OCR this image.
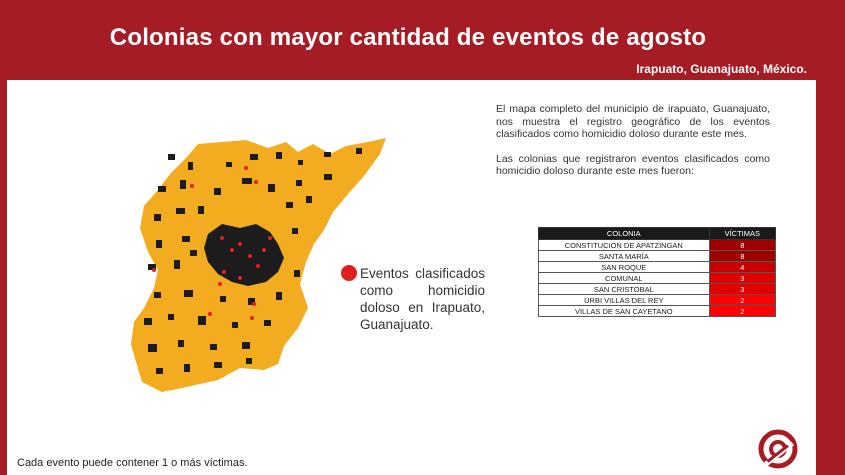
Colonias con mayor cantidad de eventos de agosto
Irapuato, Guanajuato, México.

El mapa completo del municipio de irapuato, Guanajuato, nos muestra el registro geográfico de los eventos clasificados como homicidio doloso durante este mes.

Las colonias que registraron eventos clasificados como homicidio doloso durante este mes fueron:

Eventos clasificados como homicidio doloso en Irapuato, Guanajuato.
COLONIA	VÍCTIMAS
CONSTITUCION DE APATZINGAN	8
SANTA MARÍA	8
SAN ROQUE	4
COMUNAL	3
SAN CRISTOBAL	3
URBI VILLAS DEL REY	2
VILLAS DE SAN CAYETANO	2
Cada evento puede contener 1 o más víctimas.
